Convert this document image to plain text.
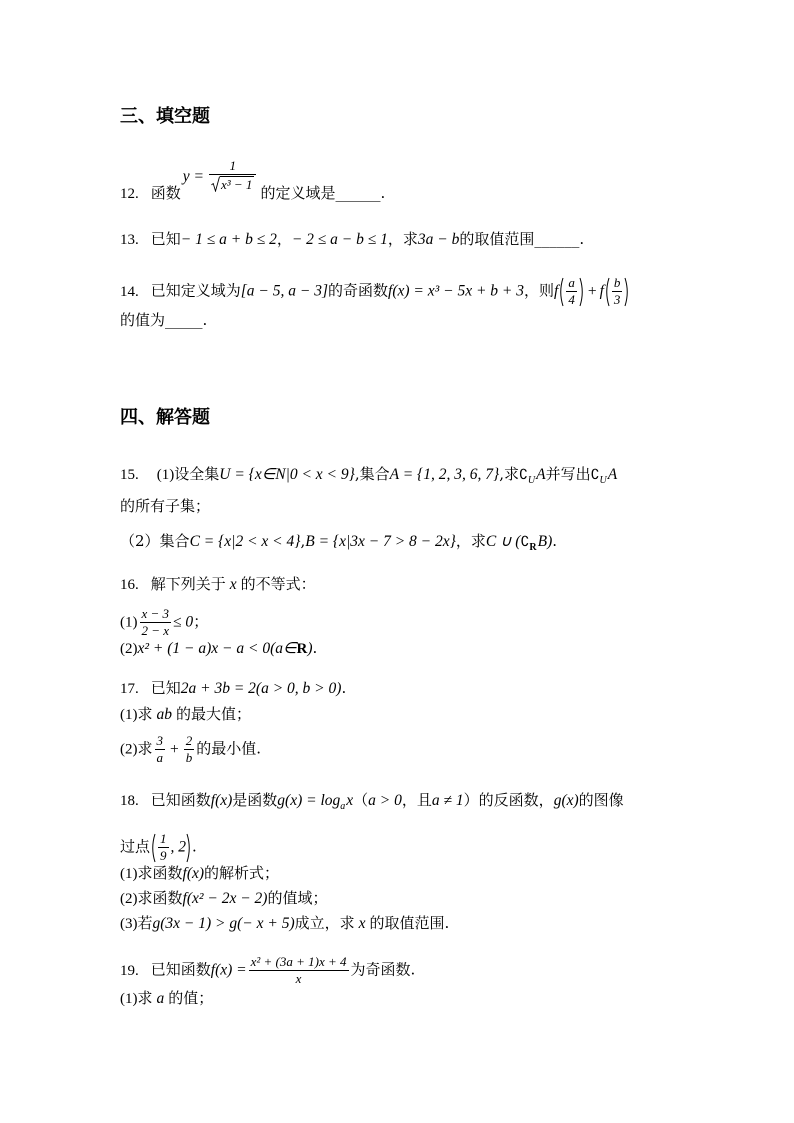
三、填空题
12. 函数
$y = \frac{1}{\text{x³ − 1}}$ 的定义域是______.
13. 已知− 1 ≤ a + b ≤ 2，− 2 ≤ a − b ≤ 1，求3a − b的取值范围______.
14. 已知定义域为[a − 5, a − 3]的奇函数f(x) = x³ − 5x + b + 3，则f $\frac{a}{4} + f \frac{b}{3}$
的值为_____.
四、解答题
15. (1)设全集U = {x∈N|0 < x < 9},集合A = {1, 2, 3, 6, 7},求$∁_UA$并写出$∁_UA$
的所有子集；
（2）集合C = {x|2 < x < 4},B = {x|3x − 7 > 8 − 2x}，求C ∪ $(∁_RB)$.
16. 解下列关于 x 的不等式：
$(1) \frac{x - 3}{2 - x} \le 0$；
(2)x² + (1 − a)x − a < 0(a∈R).
17. 已知2a + 3b = 2(a > 0, b > 0).
(1)求 ab 的最大值；
(2)求 $\frac{3}{a} + \frac{2}{b}$ 的最小值.
18. 已知函数f(x)是函数$g(x) = \log_ax(a > 0$，且a ≠ 1）的反函数，g(x)的图像
过点 $\frac{1}{9}$ , 2 .
(1)求函数f(x)的解析式；
(2)求函数f(x² − 2x − 2)的值域；
(3)若g(3x − 1) > g(− x + 5)成立，求 x 的取值范围.
19. 已知函数$f(x) = \frac{\text{x² + (3a + 1)x + 4}}{x}$ 为奇函数.
(1)求 a 的值；
